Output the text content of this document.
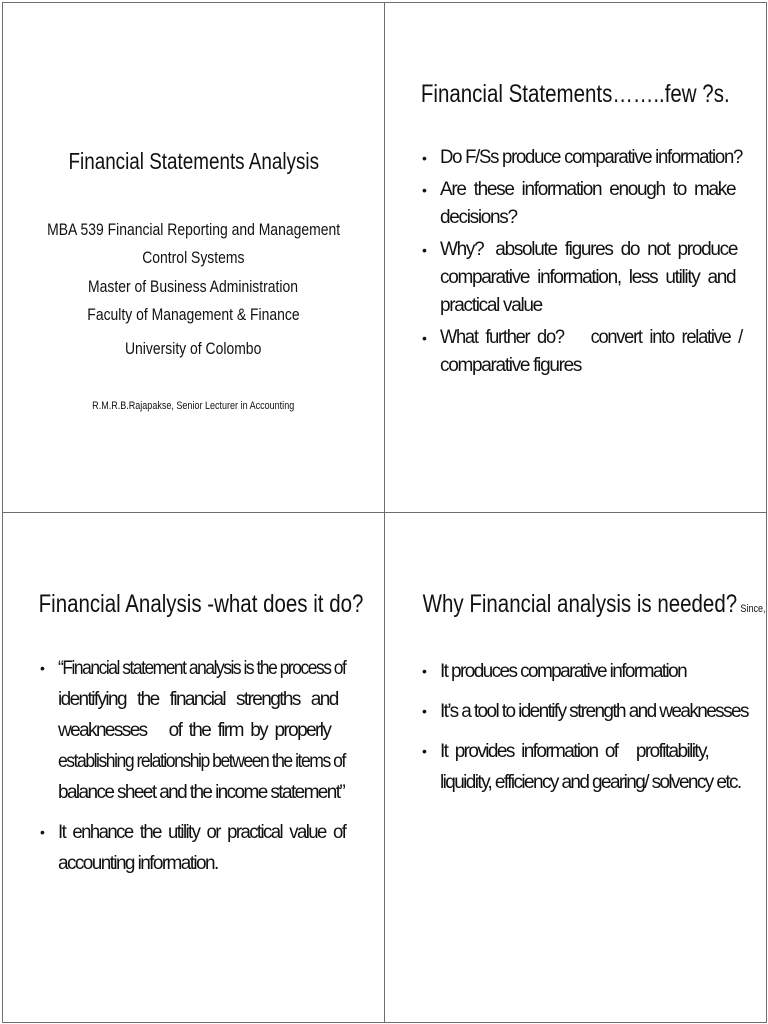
Financial Statements Analysis
MBA 539 Financial Reporting and Management
Control Systems
Master of Business Administration
Faculty of Management & Finance
University of Colombo
R.M.R.B.Rajapakse, Senior Lecturer in Accounting
Financial Statements……..few ?s.
• Do F/Ss produce comparative information?
• Are  these  information  enough  to  make
decisions?
• Why?   absolute  figures  do  not  produce
comparative  information,  less  utility  and
practical value
• What  further  do?       convert  into  relative  /
comparative figures
Financial Analysis -what does it do?
• “Financial statement analysis is the process of
identifying   the   financial   strengths   and
weaknesses      of  the  firm  by  properly
establishing relationship between the items of
balance sheet and the income statement”
• It  enhance  the  utility  or  practical  value  of
accounting information.
Why Financial analysis is needed? Since,
• It produces comparative information
• It’s a tool to identify strength and weaknesses
• It  provides  information  of     profitability,
liquidity, efficiency and gearing/ solvency etc.
